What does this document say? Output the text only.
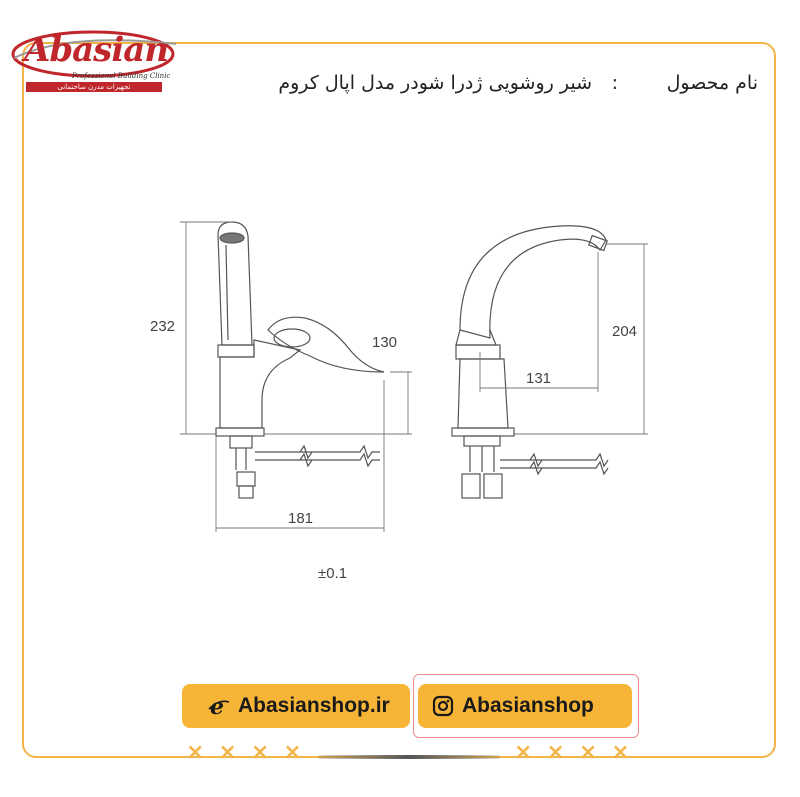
Abasian
Professional Building Clinic
تجهیزات مدرن ساختمانی	نام محصول
:
شیر روشویی ژدرا شودر مدل اپال کروم
232
130
181
204
131
±0.1
e Abasianshop.ir	Abasianshop
××××	××××
